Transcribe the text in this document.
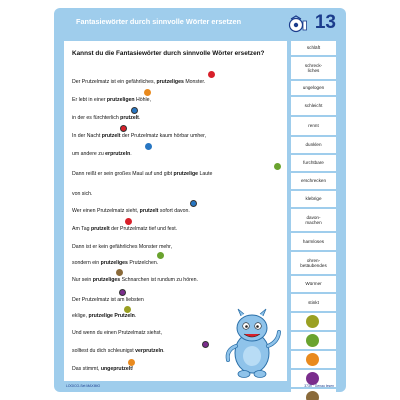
Fantasiewörter durch sinnvolle Wörter ersetzen	13
Kannst du die Fantasiewörter durch sinnvolle Wörter ersetzen?
Der Prutzelmatz ist ein gefährliches, prutzeliges Monster.
Er lebt in einer prutzeligen Höhle,
in der es fürchterlich prutzelt.
In der Nacht prutzelt der Prutzelmatz kaum hörbar umher,
um andere zu erprutzeln.
Dann reißt er sein großes Maul auf und gibt prutzelige Laute
von sich.
Wer einen Prutzelmatz sieht, prutzelt sofort davon.
Am Tag prutzelt der Prutzelmatz tief und fest.
Dann ist er kein gefährliches Monster mehr,
sondern ein prutzeliges Prutzelchen.
Nur sein prutzeliges Schnarchen ist rundum zu hören.
Der Prutzelmatz ist am liebsten
eklige, prutzelige Prutzeln.
Und wenn du einen Prutzelmatz siehst,
solltest du dich schleunigst verprutzeln.
Das stimmt, ungeprutzelt!
schläft
schreck-
liches
ungelogen
schleicht
rennt
dunklen
furchtbare
erschrecken
klebrige
davon-
machen
harmloses
ohren-
betäubendes
Würmer
stinkt
LOGICO-Set MAXIMO	3739 · Genau lesen
